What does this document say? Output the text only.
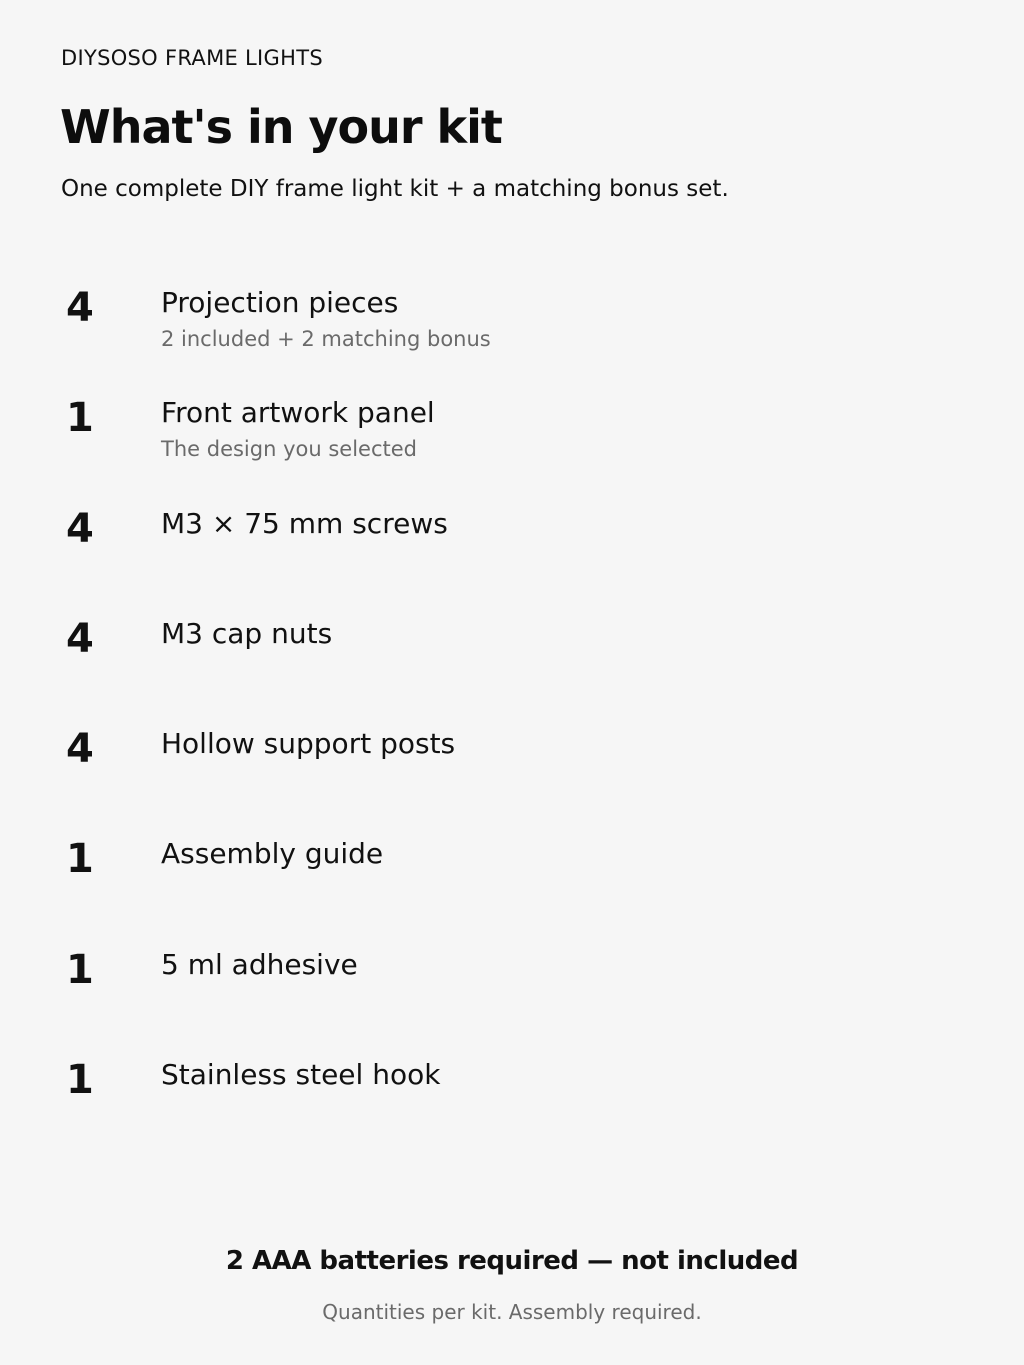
DIYSOSO FRAME LIGHTS
What's in your kit
One complete DIY frame light kit + a matching bonus set.
4 Projection pieces
2 included + 2 matching bonus
1 Front artwork panel
The design you selected
4 M3 × 75 mm screws
4 M3 cap nuts
4 Hollow support posts
1 Assembly guide
1 5 ml adhesive
1 Stainless steel hook
2 AAA batteries required — not included
Quantities per kit. Assembly required.
